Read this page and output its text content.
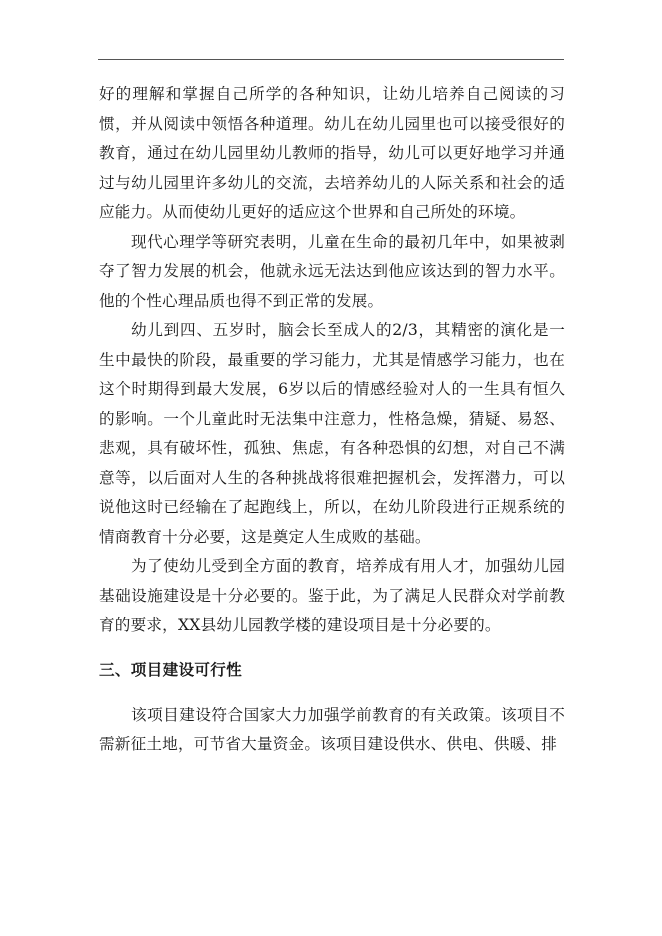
好的理解和掌握自己所学的各种知识，让幼儿培养自己阅读的习惯，并从阅读中领悟各种道理。幼儿在幼儿园里也可以接受很好的教育，通过在幼儿园里幼儿教师的指导，幼儿可以更好地学习并通过与幼儿园里许多幼儿的交流，去培养幼儿的人际关系和社会的适应能力。从而使幼儿更好的适应这个世界和自己所处的环境。

现代心理学等研究表明，儿童在生命的最初几年中，如果被剥夺了智力发展的机会，他就永远无法达到他应该达到的智力水平。他的个性心理品质也得不到正常的发展。

幼儿到四、五岁时，脑会长至成人的2/3，其精密的演化是一生中最快的阶段，最重要的学习能力，尤其是情感学习能力，也在这个时期得到最大发展，6岁以后的情感经验对人的一生具有恒久的影响。一个儿童此时无法集中注意力，性格急燥，猜疑、易怒、悲观，具有破坏性，孤独、焦虑，有各种恐惧的幻想，对自己不满意等，以后面对人生的各种挑战将很难把握机会，发挥潜力，可以说他这时已经输在了起跑线上，所以，在幼儿阶段进行正规系统的情商教育十分必要，这是奠定人生成败的基础。

为了使幼儿受到全方面的教育，培养成有用人才，加强幼儿园基础设施建设是十分必要的。鉴于此，为了满足人民群众对学前教育的要求，XX县幼儿园教学楼的建设项目是十分必要的。

三、项目建设可行性

该项目建设符合国家大力加强学前教育的有关政策。该项目不需新征土地，可节省大量资金。该项目建设供水、供电、供暖、排
